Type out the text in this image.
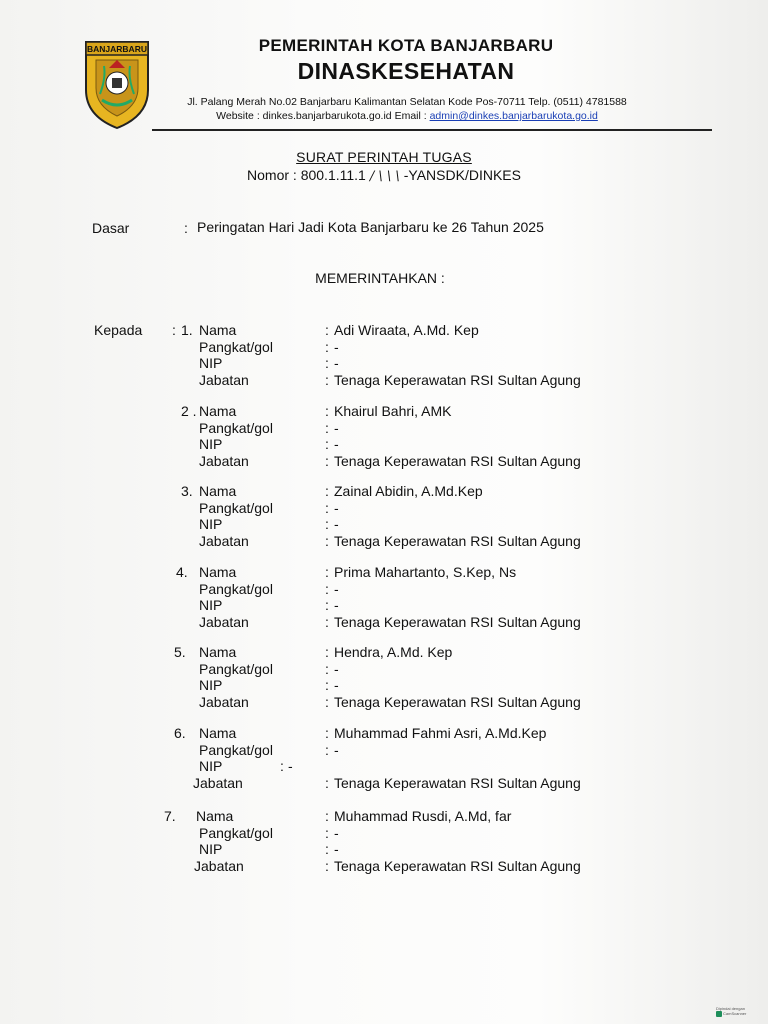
BANJARBARU	PEMERINTAH KOTA BANJARBARU
DINASKESEHATAN
Jl. Palang Merah No.02 Banjarbaru Kalimantan Selatan Kode Pos-70711 Telp. (0511) 4781588
Website : dinkes.banjarbarukota.go.id Email : admin@dinkes.banjarbarukota.go.id
SURAT PERINTAH TUGAS
Nomor : 800.1.11.1 / \ \ \ -YANSDK/DINKES
Dasar	: Peringatan Hari Jadi Kota Banjarbaru ke 26 Tahun 2025
MEMERINTAHKAN :
Kepada : 1. Nama	: Adi Wiraata, A.Md. Kep
Pangkat/gol	: -
NIP	: -
Jabatan	: Tenaga Keperawatan RSI Sultan Agung
2 . Nama	: Khairul Bahri, AMK
Pangkat/gol	: -
NIP	: -
Jabatan	: Tenaga Keperawatan RSI Sultan Agung
3. Nama	: Zainal Abidin, A.Md.Kep
Pangkat/gol	: -
NIP	: -
Jabatan	: Tenaga Keperawatan RSI Sultan Agung
4. Nama	: Prima Mahartanto, S.Kep, Ns
Pangkat/gol	: -
NIP	: -
Jabatan	: Tenaga Keperawatan RSI Sultan Agung
5. Nama	: Hendra, A.Md. Kep
Pangkat/gol	: -
NIP	: -
Jabatan	: Tenaga Keperawatan RSI Sultan Agung
6. Nama	: Muhammad Fahmi Asri, A.Md.Kep
Pangkat/gol	: -
NIP	: -
Jabatan	: Tenaga Keperawatan RSI Sultan Agung
7. Nama	: Muhammad Rusdi, A.Md, far
Pangkat/gol	: -
NIP	: -
Jabatan	: Tenaga Keperawatan RSI Sultan Agung
Dipindai dengan
CamScanner
